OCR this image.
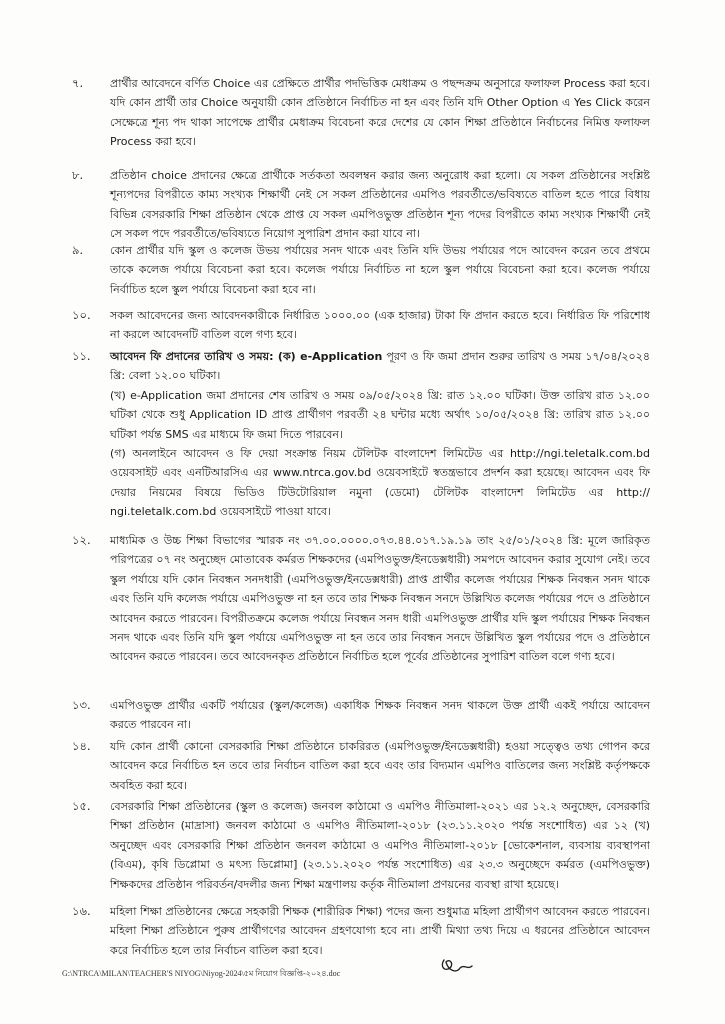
৭.	প্রার্থীর আবেদনে বর্ণিত Choice এর প্রেক্ষিতে প্রার্থীর পদভিত্তিক মেধাক্রম ও পছন্দক্রম অনুসারে ফলাফল Process করা হবে। যদি কোন প্রার্থী তার Choice অনুযায়ী কোন প্রতিষ্ঠানে নির্বাচিত না হন এবং তিনি যদি Other Option এ Yes Click করেন সেক্ষেত্রে শূন্য পদ থাকা সাপেক্ষে প্রার্থীর মেধাক্রম বিবেচনা করে দেশের যে কোন শিক্ষা প্রতিষ্ঠানে নির্বাচনের নিমিত্ত ফলাফল Process করা হবে।
৮.	প্রতিষ্ঠান choice প্রদানের ক্ষেত্রে প্রার্থীকে সর্তকতা অবলম্বন করার জন্য অনুরোধ করা হলো। যে সকল প্রতিষ্ঠানের সংশ্লিষ্ট শূন্যপদের বিপরীতে কাম্য সংখ্যক শিক্ষার্থী নেই সে সকল প্রতিষ্ঠানের এমপিও পরবর্তীতে/ভবিষ্যতে বাতিল হতে পারে বিধায় বিভিন্ন বেসরকারি শিক্ষা প্রতিষ্ঠান থেকে প্রাপ্ত যে সকল এমপিওভুক্ত প্রতিষ্ঠান শূন্য পদের বিপরীতে কাম্য সংখ্যক শিক্ষার্থী নেই সে সকল পদে পরবর্তীতে/ভবিষ্যতে নিয়োগ সুপারিশ প্রদান করা যাবে না।
৯.	কোন প্রার্থীর যদি স্কুল ও কলেজ উভয় পর্যায়ের সনদ থাকে এবং তিনি যদি উভয় পর্যায়ের পদে আবেদন করেন তবে প্রথমে তাকে কলেজ পর্যায়ে বিবেচনা করা হবে। কলেজ পর্যায়ে নির্বাচিত না হলে স্কুল পর্যায়ে বিবেচনা করা হবে। কলেজ পর্যায়ে নির্বাচিত হলে স্কুল পর্যায়ে বিবেচনা করা হবে না।
১০.	সকল আবেদনের জন্য আবেদনকারীকে নির্ধারিত ১০০০.০০ (এক হাজার) টাকা ফি প্রদান করতে হবে। নির্ধারিত ফি পরিশোধ না করলে আবেদনটি বাতিল বলে গণ্য হবে।
১১.	আবেদন ফি প্রদানের তারিখ ও সময়: (ক) e-Application পূরণ ও ফি জমা প্রদান শুরুর তারিখ ও সময় ১৭/০৪/২০২৪ খ্রি: বেলা ১২.০০ ঘটিকা।
(খ) e-Application জমা প্রদানের শেষ তারিখ ও সময় ০৯/০৫/২০২৪ খ্রি: রাত ১২.০০ ঘটিকা। উক্ত তারিখ রাত ১২.০০ ঘটিকা থেকে শুধু Application ID প্রাপ্ত প্রার্থীগণ পরবর্তী ২৪ ঘন্টার মধ্যে অর্থাৎ ১০/০৫/২০২৪ খ্রি: তারিখ রাত ১২.০০ ঘটিকা পর্যন্ত SMS এর মাধ্যমে ফি জমা দিতে পারবেন।
(গ) অনলাইনে আবেদন ও ফি দেয়া সংক্রান্ত নিয়ম টেলিটক বাংলাদেশ লিমিটেড এর http://ngi.teletalk.com.bd ওয়েবসাইট এবং এনটিআরসিএ এর www.ntrca.gov.bd ওয়েবসাইটে স্বতন্ত্রভাবে প্রদর্শন করা হয়েছে। আবেদন এবং ফি দেয়ার নিয়মের বিষয়ে ভিডিও টিউটোরিয়াল নমুনা (ডেমো) টেলিটক বাংলাদেশ লিমিটেড এর http:// ngi.teletalk.com.bd ওয়েবসাইটে পাওয়া যাবে।
১২.	মাধ্যমিক ও উচ্চ শিক্ষা বিভাগের স্মারক নং ৩৭.০০.০০০০.০৭৩.৪৪.০১৭.১৯.১৯ তাং ২৫/০১/২০২৪ খ্রি: মূলে জারিকৃত পরিপত্রের ০৭ নং অনুচ্ছেদ মোতাবেক কর্মরত শিক্ষকদের (এমপিওভুক্ত/ইনডেক্সধারী) সমপদে আবেদন করার সুযোগ নেই। তবে স্কুল পর্যায়ে যদি কোন নিবন্ধন সনদধারী (এমপিওভুক্ত/ইনডেক্সধারী) প্রাপ্ত প্রার্থীর কলেজ পর্যায়ের শিক্ষক নিবন্ধন সনদ থাকে এবং তিনি যদি কলেজ পর্যায়ে এমপিওভুক্ত না হন তবে তার শিক্ষক নিবন্ধন সনদে উল্লিখিত কলেজ পর্যায়ের পদে ও প্রতিষ্ঠানে আবেদন করতে পারবেন। বিপরীতক্রমে কলেজ পর্যায়ে নিবন্ধন সনদ ধারী এমপিওভুক্ত প্রার্থীর যদি স্কুল পর্যায়ের শিক্ষক নিবন্ধন সনদ থাকে এবং তিনি যদি স্কুল পর্যায়ে এমপিওভুক্ত না হন তবে তার নিবন্ধন সনদে উল্লিখিত স্কুল পর্যায়ের পদে ও প্রতিষ্ঠানে আবেদন করতে পারবেন। তবে আবেদনকৃত প্রতিষ্ঠানে নির্বাচিত হলে পূর্বের প্রতিষ্ঠানের সুপারিশ বাতিল বলে গণ্য হবে।
১৩.	এমপিওভুক্ত প্রার্থীর একটি পর্যায়ের (স্কুল/কলেজ) একাধিক শিক্ষক নিবন্ধন সনদ থাকলে উক্ত প্রার্থী একই পর্যায়ে আবেদন করতে পারবেন না।
১৪.	যদি কোন প্রার্থী কোনো বেসরকারি শিক্ষা প্রতিষ্ঠানে চাকরিরত (এমপিওভুক্ত/ইনডেক্সধারী) হওয়া সত্ত্বেও তথ্য গোপন করে আবেদন করে নির্বাচিত হন তবে তার নির্বাচন বাতিল করা হবে এবং তার বিদ্যমান এমপিও বাতিলের জন্য সংশ্লিষ্ট কর্তৃপক্ষকে অবহিত করা হবে।
১৫.	বেসরকারি শিক্ষা প্রতিষ্ঠানের (স্কুল ও কলেজ) জনবল কাঠামো ও এমপিও নীতিমালা-২০২১ এর ১২.২ অনুচ্ছেদ, বেসরকারি শিক্ষা প্রতিষ্ঠান (মাদ্রাসা) জনবল কাঠামো ও এমপিও নীতিমালা-২০১৮ (২৩.১১.২০২০ পর্যন্ত সংশোধিত) এর ১২ (খ) অনুচ্ছেদ এবং বেসরকারি শিক্ষা প্রতিষ্ঠান জনবল কাঠামো ও এমপিও নীতিমালা-২০১৮ [ভোকেশনাল, ব্যবসায় ব্যবস্থাপনা (বিএম), কৃষি ডিপ্লোমা ও মৎস্য ডিপ্লোমা] (২৩.১১.২০২০ পর্যন্ত সংশোধিত) এর ২৩.৩ অনুচ্ছেদে কর্মরত (এমপিওভুক্ত) শিক্ষকদের প্রতিষ্ঠান পরিবর্তন/বদলীর জন্য শিক্ষা মন্ত্রণালয় কর্তৃক নীতিমালা প্রণয়নের ব্যবস্থা রাখা হয়েছে।
১৬.	মহিলা শিক্ষা প্রতিষ্ঠানের ক্ষেত্রে সহকারী শিক্ষক (শারীরিক শিক্ষা) পদের জন্য শুধুমাত্র মহিলা প্রার্থীগণ আবেদন করতে পারবেন। মহিলা শিক্ষা প্রতিষ্ঠানে পুরুষ প্রার্থীগণের আবেদন গ্রহণযোগ্য হবে না। প্রার্থী মিথ্যা তথ্য দিয়ে এ ধরনের প্রতিষ্ঠানে আবেদন করে নির্বাচিত হলে তার নির্বাচন বাতিল করা হবে।
G:\NTRCA\MILAN\TEACHER'S NIYOG\Niyog-2024\৫ম নিয়োগ বিজ্ঞপ্তি-২০২৪.doc
